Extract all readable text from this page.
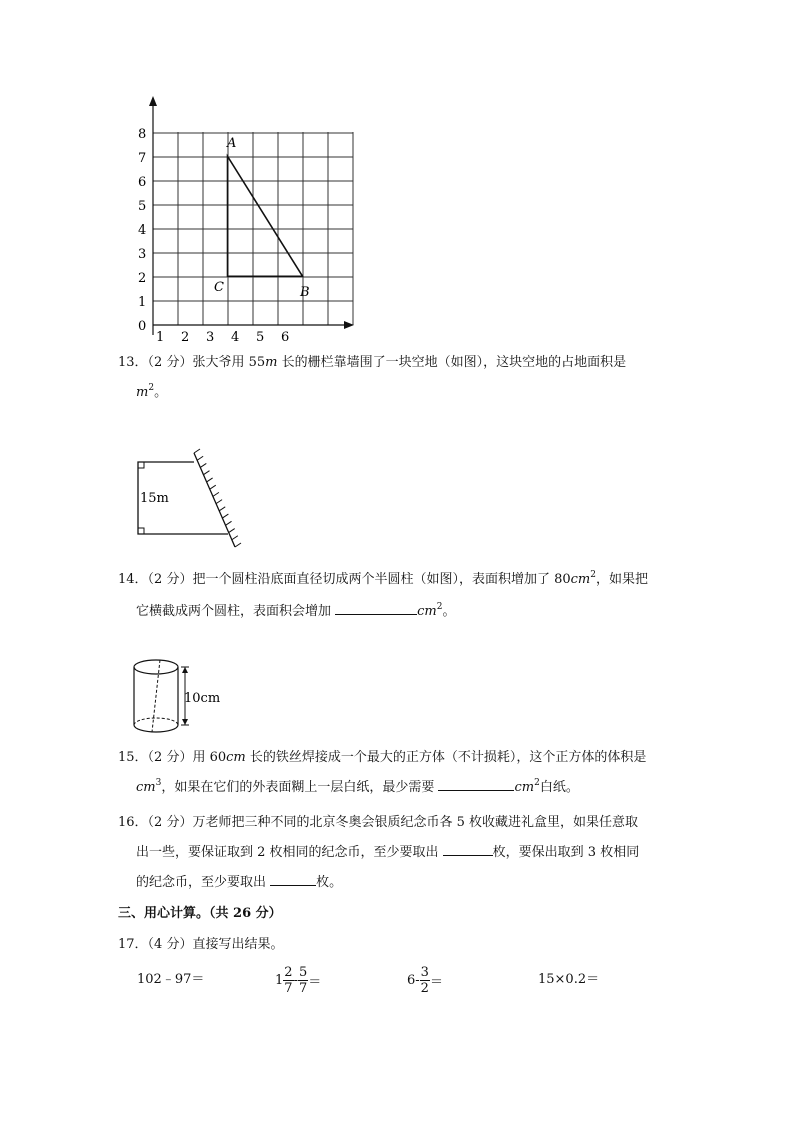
8
7
6
5
4
3
2
1
0
1 2 3 4 5 6
A
C	B
13．（2 分）张大爷用 55m 长的栅栏靠墙围了一块空地（如图），这块空地的占地面积是
$m^2$。
15m
14．（2 分）把一个圆柱沿底面直径切成两个半圆柱（如图），表面积增加了 $80cm^2$，如果把
它横截成两个圆柱，表面积会增加	$cm^2$。
10cm
15．（2 分）用 60cm 长的铁丝焊接成一个最大的正方体（不计损耗），这个正方体的体积是
$cm^3$，如果在它们的外表面糊上一层白纸，最少需要	$cm^2$白纸。
16．（2 分）万老师把三种不同的北京冬奥会银质纪念币各 5 枚收藏进礼盒里，如果任意取
出一些，要保证取到 2 枚相同的纪念币，至少要取出	枚，要保出取到 3 枚相同
的纪念币，至少要取出	枚。
三、用心计算。（共 26 分）
17．（4 分）直接写出结果。
102﹣97＝	$1 \frac{2}{7} - \frac{5}{7}$ ＝	$6- \frac{3}{2}$ ＝	15×0.2＝
